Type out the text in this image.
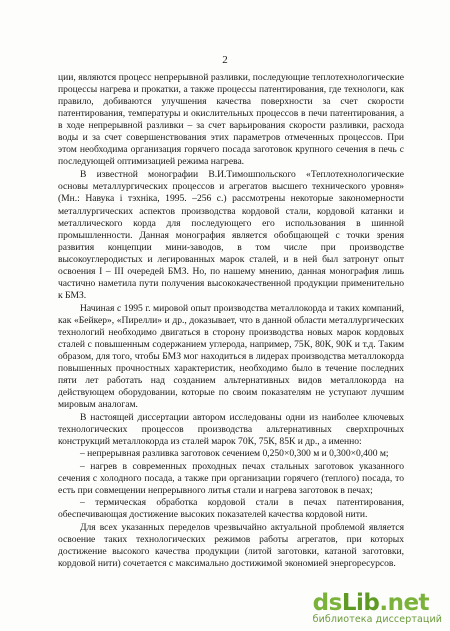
2

ции, являются процесс непрерывной разливки, последующие теплотехнологические процессы нагрева и прокатки, а также процессы патентирования, где технологи, как правило, добиваются улучшения качества поверхности за счет скорости патентирования, температуры и окислительных процессов в печи патентирования, а в ходе непрерывной разливки – за счет варьирования скорости разливки, расхода воды и за счет совершенствования этих параметров отмеченных процессов. При этом необходима организация горячего посада заготовок крупного сечения в печь с последующей оптимизацией режима нагрева.

В известной монографии В.И.Тимошпольского «Теплотехнологические основы металлургических процессов и агрегатов высшего технического уровня» (Мн.: Навука і тэхніка, 1995. –256 с.) рассмотрены некоторые закономерности металлургических аспектов производства кордовой стали, кордовой катанки и металлического корда для последующего его использования в шинной промышленности. Данная монография является обобщающей с точки зрения развития концепции мини-заводов, в том числе при производстве высокоуглеродистых и легированных марок сталей, и в ней был затронут опыт освоения I – III очередей БМЗ. Но, по нашему мнению, данная монография лишь частично наметила пути получения высококачественной продукции применительно к БМЗ.

Начиная с 1995 г. мировой опыт производства металлокорда и таких компаний, как «Бейкер», «Пирелли» и др., доказывает, что в данной области металлургических технологий необходимо двигаться в сторону производства новых марок кордовых сталей с повышенным содержанием углерода, например, 75К, 80К, 90К и т.д. Таким образом, для того, чтобы БМЗ мог находиться в лидерах производства металлокорда повышенных прочностных характеристик, необходимо было в течение последних пяти лет работать над созданием альтернативных видов металлокорда на действующем оборудовании, которые по своим показателям не уступают лучшим мировым аналогам.

В настоящей диссертации автором исследованы одни из наиболее ключевых технологических процессов производства альтернативных сверхпрочных конструкций металлокорда из сталей марок 70К, 75К, 85К и др., а именно:

– непрерывная разливка заготовок сечением 0,250×0,300 м и 0,300×0,400 м;

– нагрев в современных проходных печах стальных заготовок указанного сечения с холодного посада, а также при организации горячего (теплого) посада, то есть при совмещении непрерывного литья стали и нагрева заготовок в печах;

– термическая обработка кордовой стали в печах патентирования, обеспечивающая достижение высоких показателей качества кордовой нити.

Для всех указанных переделов чрезвычайно актуальной проблемой является освоение таких технологических режимов работы агрегатов, при которых достижение высокого качества продукции (литой заготовки, катаной заготовки, кордовой нити) сочетается с максимально достижимой экономией энергоресурсов.

ds Lib .net
библиотека диссертаций
